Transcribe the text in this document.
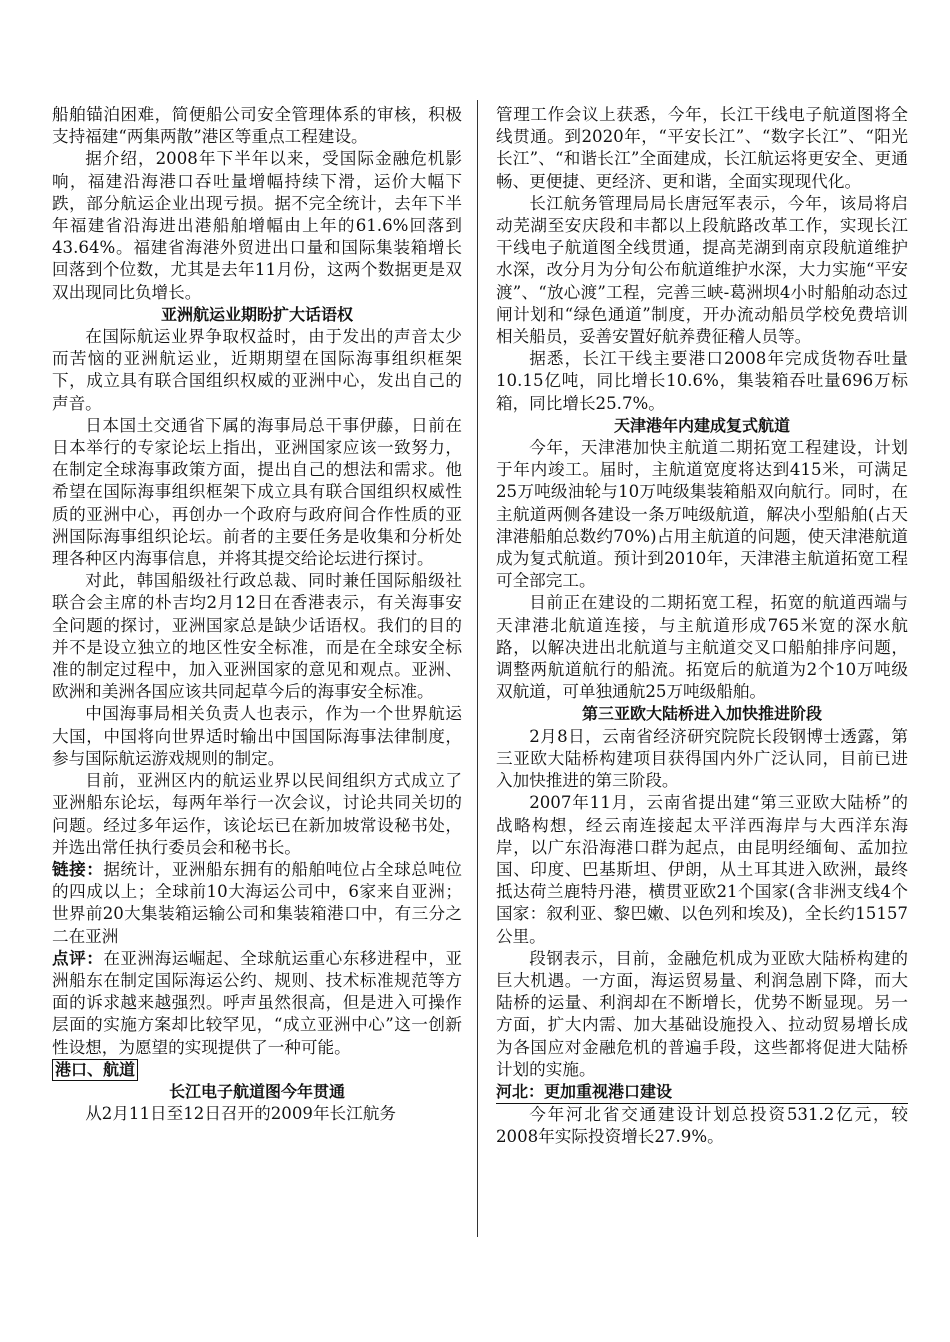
船舶锚泊困难，简便船公司安全管理体系的审核，积极支持福建“两集两散”港区等重点工程建设。

据介绍，2008年下半年以来，受国际金融危机影响，福建沿海港口吞吐量增幅持续下滑，运价大幅下跌，部分航运企业出现亏损。据不完全统计，去年下半年福建省沿海进出港船舶增幅由上年的61.6%回落到43.64%。福建省海港外贸进出口量和国际集装箱增长回落到个位数，尤其是去年11月份，这两个数据更是双双出现同比负增长。

亚洲航运业期盼扩大话语权

在国际航运业界争取权益时，由于发出的声音太少而苦恼的亚洲航运业，近期期望在国际海事组织框架下，成立具有联合国组织权威的亚洲中心，发出自己的声音。

日本国土交通省下属的海事局总干事伊藤，日前在日本举行的专家论坛上指出，亚洲国家应该一致努力，在制定全球海事政策方面，提出自己的想法和需求。他希望在国际海事组织框架下成立具有联合国组织权威性质的亚洲中心，再创办一个政府与政府间合作性质的亚洲国际海事组织论坛。前者的主要任务是收集和分析处理各种区内海事信息，并将其提交给论坛进行探讨。

对此，韩国船级社行政总裁、同时兼任国际船级社联合会主席的朴吉均2月12日在香港表示，有关海事安全问题的探讨，亚洲国家总是缺少话语权。我们的目的并不是设立独立的地区性安全标准，而是在全球安全标准的制定过程中，加入亚洲国家的意见和观点。亚洲、欧洲和美洲各国应该共同起草今后的海事安全标准。

中国海事局相关负责人也表示，作为一个世界航运大国，中国将向世界适时输出中国国际海事法律制度，参与国际航运游戏规则的制定。

目前，亚洲区内的航运业界以民间组织方式成立了亚洲船东论坛，每两年举行一次会议，讨论共同关切的问题。经过多年运作，该论坛已在新加坡常设秘书处，并选出常任执行委员会和秘书长。

链接：据统计，亚洲船东拥有的船舶吨位占全球总吨位的四成以上；全球前10大海运公司中，6家来自亚洲；世界前20大集装箱运输公司和集装箱港口中，有三分之二在亚洲

点评：在亚洲海运崛起、全球航运重心东移进程中，亚洲船东在制定国际海运公约、规则、技术标准规范等方面的诉求越来越强烈。呼声虽然很高，但是进入可操作层面的实施方案却比较罕见，“成立亚洲中心”这一创新性设想，为愿望的实现提供了一种可能。

港口、航道

长江电子航道图今年贯通

从2月11日至12日召开的2009年长江航务

管理工作会议上获悉，今年，长江干线电子航道图将全线贯通。到2020年，“平安长江”、“数字长江”、“阳光长江”、“和谐长江”全面建成，长江航运将更安全、更通畅、更便捷、更经济、更和谐，全面实现现代化。

长江航务管理局局长唐冠军表示，今年，该局将启动芜湖至安庆段和丰都以上段航路改革工作，实现长江干线电子航道图全线贯通，提高芜湖到南京段航道维护水深，改分月为分旬公布航道维护水深，大力实施“平安渡”、“放心渡”工程，完善三峡-葛洲坝4小时船舶动态过闸计划和“绿色通道”制度，开办流动船员学校免费培训相关船员，妥善安置好航养费征稽人员等。

据悉，长江干线主要港口2008年完成货物吞吐量10.15亿吨，同比增长10.6%，集装箱吞吐量696万标箱，同比增长25.7%。

天津港年内建成复式航道

今年，天津港加快主航道二期拓宽工程建设，计划于年内竣工。届时，主航道宽度将达到415米，可满足25万吨级油轮与10万吨级集装箱船双向航行。同时，在主航道两侧各建设一条万吨级航道，解决小型船舶(占天津港船舶总数约70%)占用主航道的问题，使天津港航道成为复式航道。预计到2010年，天津港主航道拓宽工程可全部完工。

目前正在建设的二期拓宽工程，拓宽的航道西端与天津港北航道连接，与主航道形成765米宽的深水航路，以解决进出北航道与主航道交叉口船舶排序问题，调整两航道航行的船流。拓宽后的航道为2个10万吨级双航道，可单独通航25万吨级船舶。

第三亚欧大陆桥进入加快推进阶段

2月8日，云南省经济研究院院长段钢博士透露，第三亚欧大陆桥构建项目获得国内外广泛认同，目前已进入加快推进的第三阶段。

2007年11月，云南省提出建“第三亚欧大陆桥”的战略构想，经云南连接起太平洋西海岸与大西洋东海岸，以广东沿海港口群为起点，由昆明经缅甸、孟加拉国、印度、巴基斯坦、伊朗，从土耳其进入欧洲，最终抵达荷兰鹿特丹港，横贯亚欧21个国家(含非洲支线4个国家：叙利亚、黎巴嫩、以色列和埃及)，全长约15157公里。

段钢表示，目前，金融危机成为亚欧大陆桥构建的巨大机遇。一方面，海运贸易量、利润急剧下降，而大陆桥的运量、利润却在不断增长，优势不断显现。另一方面，扩大内需、加大基础设施投入、拉动贸易增长成为各国应对金融危机的普遍手段，这些都将促进大陆桥计划的实施。

河北：更加重视港口建设

今年河北省交通建设计划总投资531.2亿元，较2008年实际投资增长27.9%。
